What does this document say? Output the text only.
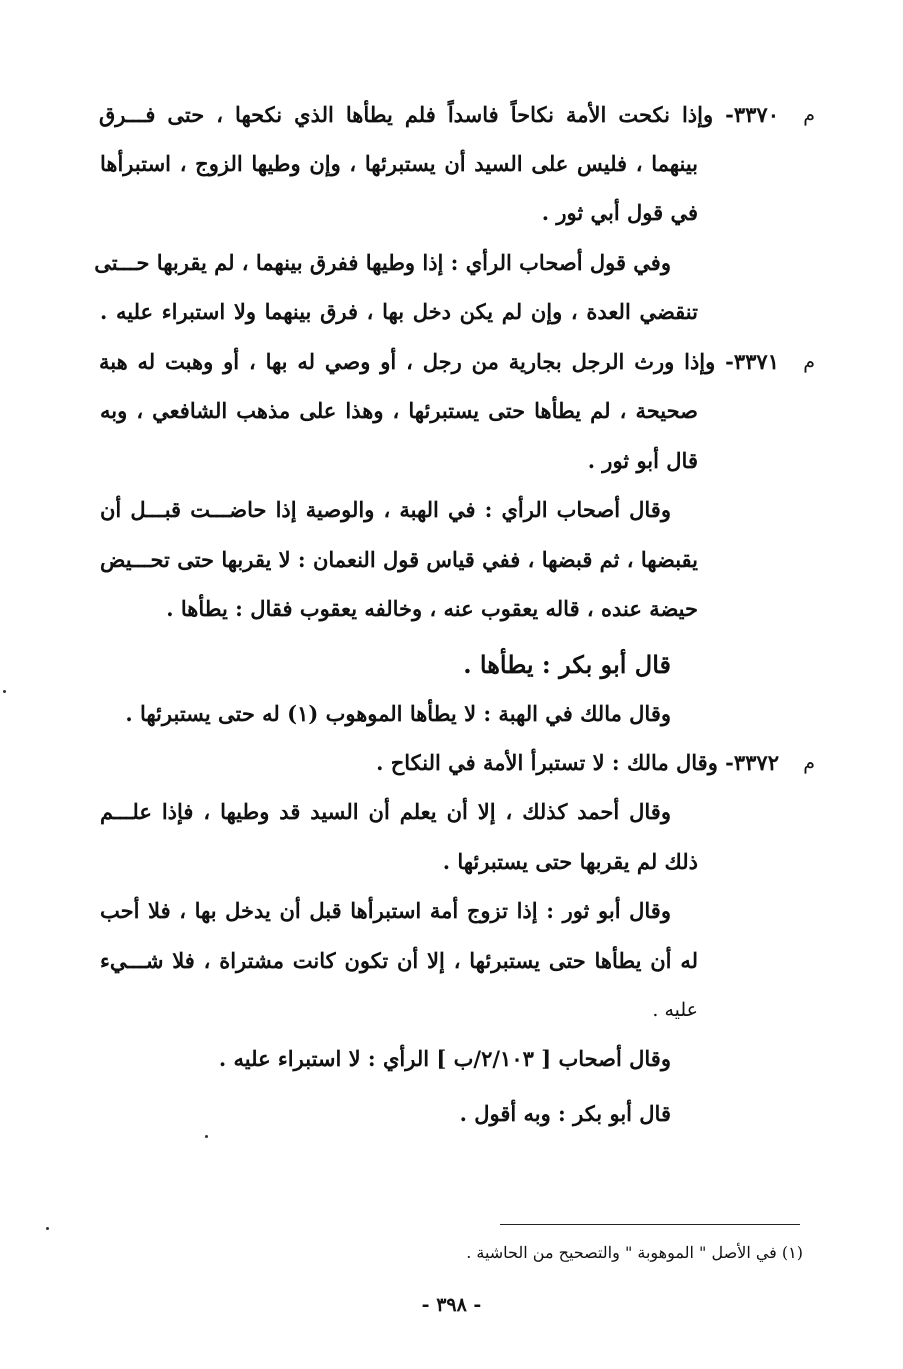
م
٣٣٧٠- وإذا نكحت الأمة نكاحاً فاسداً فلم يطأها الذي نكحها ، حتى فـــرق
بينهما ، فليس على السيد أن يستبرئها ، وإن وطيها الزوج ، استبرأها
في قول أبي ثور .
وفي قول أصحاب الرأي : إذا وطيها ففرق بينهما ، لم يقربها حـــتى
تنقضي العدة ، وإن لم يكن دخل بها ، فرق بينهما ولا استبراء عليه .
م
٣٣٧١- وإذا ورث الرجل بجارية من رجل ، أو وصي له بها ، أو وهبت له هبة
صحيحة ، لم يطأها حتى يستبرئها ، وهذا على مذهب الشافعي ، وبه
قال أبو ثور .
وقال أصحاب الرأي : في الهبة ، والوصية إذا حاضـــت قبـــل أن
يقبضها ، ثم قبضها ، ففي قياس قول النعمان : لا يقربها حتى تحـــيض
حيضة عنده ، قاله يعقوب عنه ، وخالفه يعقوب فقال : يطأها .
قال أبو بكر : يطأها .
وقال مالك في الهبة : لا يطأها الموهوب (١) له حتى يستبرئها .
م
٣٣٧٢- وقال مالك : لا تستبرأ الأمة في النكاح .
وقال أحمد كذلك ، إلا أن يعلم أن السيد قد وطيها ، فإذا علـــم
ذلك لم يقربها حتى يستبرئها .
وقال أبو ثور : إذا تزوج أمة استبرأها قبل أن يدخل بها ، فلا أحب
له أن يطأها حتى يستبرئها ، إلا أن تكون كانت مشتراة ، فلا شـــيء
عليه .
وقال أصحاب [ ٢/١٠٣/ب ] الرأي : لا استبراء عليه .
قال أبو بكر : وبه أقول .
(١) في الأصل " الموهوبة " والتصحيح من الحاشية .
- ٣٩٨ -
